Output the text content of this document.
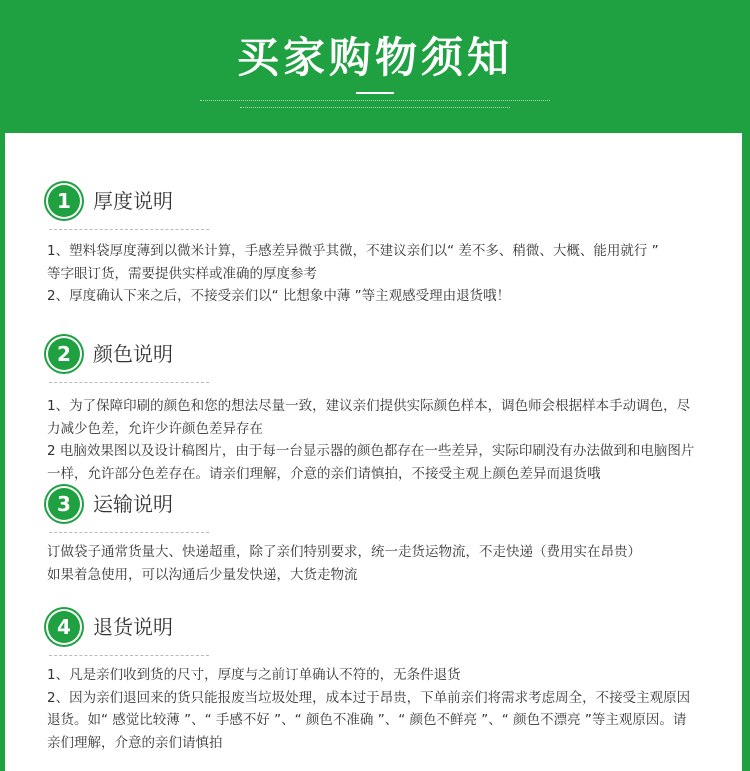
买家购物须知
1	厚度说明

1、塑料袋厚度薄到以微米计算，手感差异微乎其微，不建议亲们以“ 差不多、稍微、大概、能用就行 ”

等字眼订货，需要提供实样或准确的厚度参考

2、厚度确认下来之后，不接受亲们以“ 比想象中薄 ”等主观感受理由退货哦！

2	颜色说明

1、为了保障印刷的颜色和您的想法尽量一致，建议亲们提供实际颜色样本，调色师会根据样本手动调色，尽

力减少色差，允许少许颜色差异存在

2 电脑效果图以及设计稿图片，由于每一台显示器的颜色都存在一些差异，实际印刷没有办法做到和电脑图片

一样，允许部分色差存在。请亲们理解，介意的亲们请慎拍，不接受主观上颜色差异而退货哦

3	运输说明

订做袋子通常货量大、快递超重，除了亲们特别要求，统一走货运物流，不走快递（费用实在昂贵）

如果着急使用，可以沟通后少量发快递，大货走物流

4	退货说明

1、凡是亲们收到货的尺寸，厚度与之前订单确认不符的，无条件退货

2、因为亲们退回来的货只能报废当垃圾处理，成本过于昂贵，下单前亲们将需求考虑周全，不接受主观原因

退货。如“ 感觉比较薄 ”、“ 手感不好 ”、“ 颜色不准确 ”、“ 颜色不鲜亮 ”、“ 颜色不漂亮 ”等主观原因。请

亲们理解，介意的亲们请慎拍
